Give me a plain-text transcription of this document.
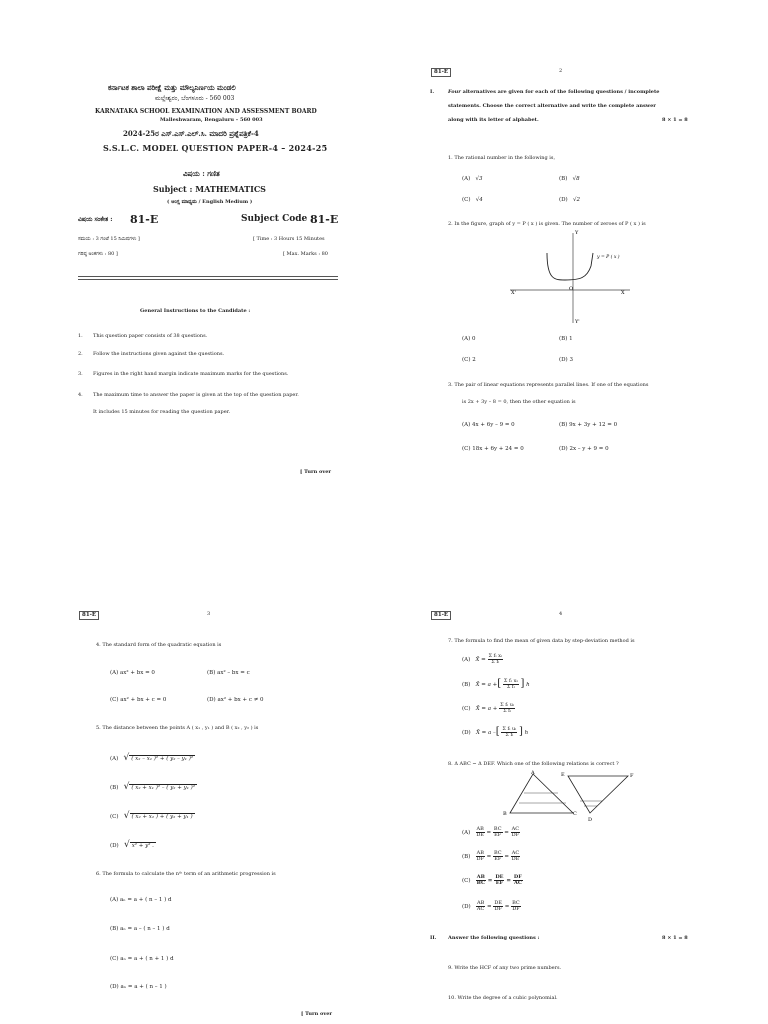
ಕರ್ನಾಟಕ ಶಾಲಾ ಪರೀಕ್ಷೆ ಮತ್ತು ಮೌಲ್ಯನಿರ್ಣಯ ಮಂಡಲಿ
ಮಲ್ಲೇಶ್ವರಂ, ಬೆಂಗಳೂರು - 560 003
KARNATAKA SCHOOL EXAMINATION AND ASSESSMENT BOARD
Malleshwaram, Bengaluru – 560 003
2024-25ರ ಎಸ್.ಎಸ್.ಎಲ್.ಸಿ. ಮಾದರಿ ಪ್ರಶ್ನೆಪತ್ರಿಕೆ-4
S.S.L.C. MODEL QUESTION PAPER-4 – 2024-25
ವಿಷಯ : ಗಣಿತ
Subject : MATHEMATICS
( ಆಂಗ್ಲ ಮಾಧ್ಯಮ / English Medium )
ವಿಷಯ ಸಂಕೇತ : 81-E	Subject Code :
81-E
ಸಮಯ : 3 ಗಂಟೆ 15 ನಿಮಿಷಗಳು ]	[ Time : 3 Hours 15 Minutes
ಗರಿಷ್ಠ ಅಂಕಗಳು : 80 ]	[ Max. Marks : 80
General Instructions to the Candidate :
1. This question paper consists of 38 questions.
2. Follow the instructions given against the questions.
3. Figures in the right hand margin indicate maximum marks for the questions.
4. The maximum time to answer the paper is given at the top of the question paper.
It includes 15 minutes for reading the question paper.
[ Turn over
81-E	2
I.	Four alternatives are given for each of the following questions / incomplete
statements. Choose the correct alternative and write the complete answer
along with its letter of alphabet.	8 × 1 = 8
1. The rational number in the following is,
(A) √3	(B) √8
(C) √4	(D) √2
2. In the figure, graph of y = P ( x ) is given. The number of zeroes of P ( x ) is
Y
Y'
X
X'
O
y = P ( x )
(A) 0	(B) 1
(C) 2	(D) 3
3. The pair of linear equations represents parallel lines. If one of the equations
is 2x + 3y – 8 = 0, then the other equation is
(A) 4x + 6y – 9 = 0	(B) 9x + 3y + 12 = 0
(C) 18x + 6y + 24 = 0	(D) 2x – y + 9 = 0
81-E	3
4. The standard form of the quadratic equation is
(A) ax² + bx = 0	(B) ax² – bx = c
(C) ax² + bx + c = 0	(D) ax² + bx + c ≠ 0
5. The distance between the points A ( x₁ , y₁ ) and B ( x₂ , y₂ ) is
(A) √ ( x₂ – x₁ )² + ( y₂ – y₁ )²
(B) √ ( x₂ + x₁ )² – ( y₂ + y₁ )²
(C) √ ( x₂ + x₂ ) + ( y₂ + y₁ )
(D) √ x² + y² .
6. The formula to calculate the nᵗʰ term of an arithmetic progression is
(A) aₙ = a + ( n – 1 ) d
(B) aₙ = a – ( n – 1 ) d
(C) aₙ = a + ( n + 1 ) d
(D) aₙ = a + ( n – 1 )
[ Turn over
81-E	4
7. The formula to find the mean of given data by step-deviation method is
(A) X̄ = $\frac{\text{Σ fᵢ xᵢ}}{\text{Σ fᵢ}}$
(B) X̄ = a +[ $\frac{\text{Σ fᵢ uᵢ}}{\text{Σ fᵢ}}$ ] h
(C) X̄ = $a + \frac{\text{Σ fᵢ uᵢ}}{\text{Σ fᵢ}}$
(D) X̄ = a –[ $\frac{\text{Σ fᵢ uᵢ}}{\text{Σ fᵢ}}$ ] h
8. Δ ABC ~ Δ DEF. Which one of the following relations is correct ?
A
B	C
D
E	F
$(A) \frac{AB}{DE} = \frac{BC}{EF} = \frac{AC}{DF}$
$(B) \frac{AB}{DF} = \frac{BC}{EF} = \frac{AC}{DE}$
$(C) \frac{AB}{BC} = \frac{DE}{EF} = \frac{DF}{AC}$
$(D) \frac{AB}{AC} = \frac{DE}{DF} = \frac{BC}{DF}$
II. Answer the following questions :	8 × 1 = 8
9. Write the HCF of any two prime numbers.
10. Write the degree of a cubic polynomial.
